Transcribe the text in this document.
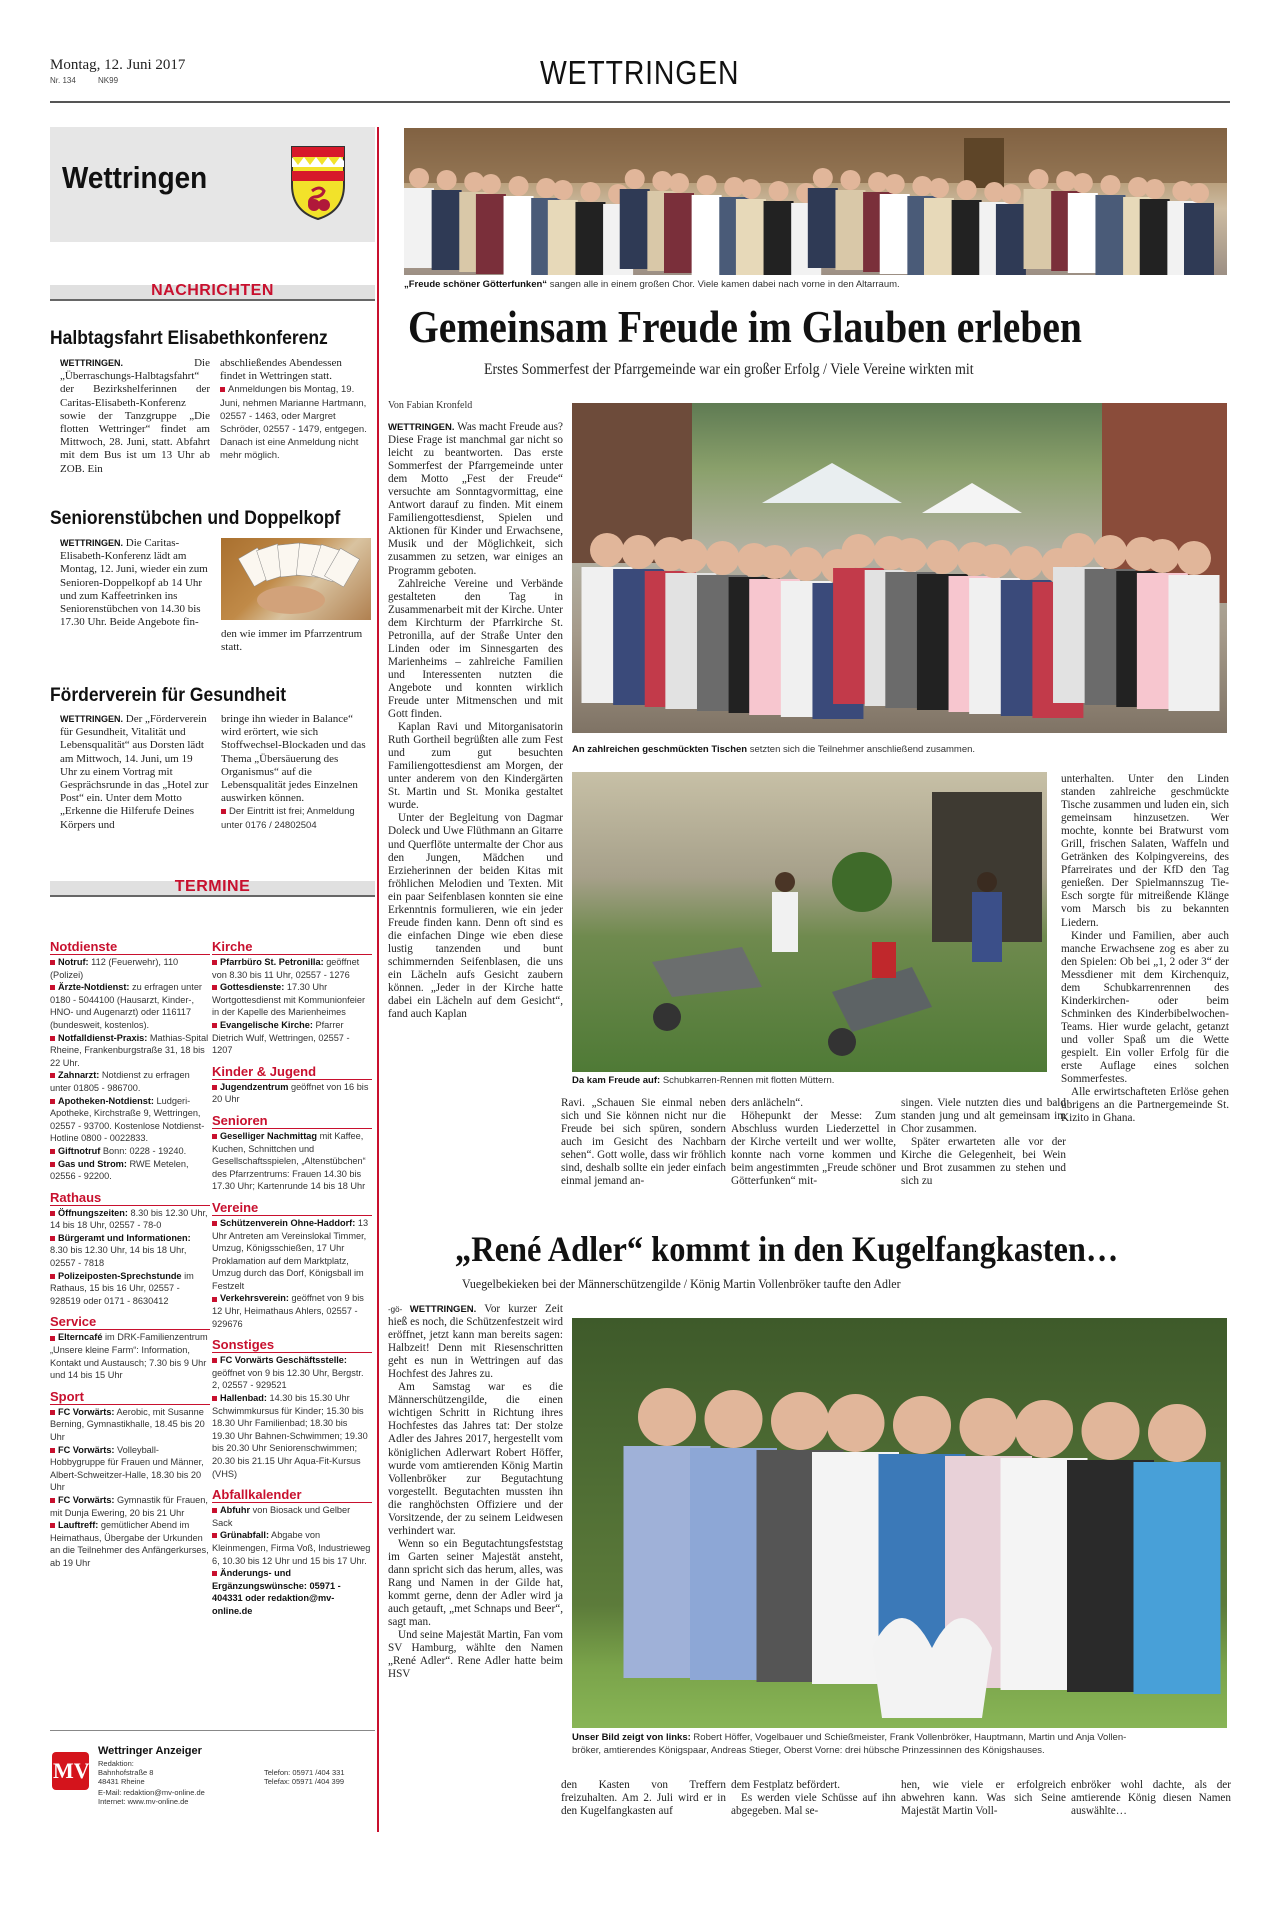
Montag, 12. Juni 2017
Nr. 134	NK99	WETTRINGEN
Wettringen
NACHRICHTEN
Halbtagsfahrt Elisabethkonferenz
WETTRINGEN.	Die „Überraschungs-Halbtagsfahrt“ der Bezirkshelferinnen der Caritas-Elisabeth-Konferenz sowie der Tanzgruppe „Die flotten Wettringer“ findet am Mittwoch, 28. Juni, statt. Abfahrt mit dem Bus ist um 13 Uhr ab ZOB. Ein
abschließendes Abendessen findet in Wettringen statt.
Anmeldungen bis Montag, 19. Juni, nehmen Marianne Hartmann, 02557 - 1463, oder Margret Schröder, 02557 - 1479, entgegen. Danach ist eine Anmeldung nicht mehr möglich.
Seniorenstübchen und Doppelkopf
WETTRINGEN. Die Caritas-Elisabeth-Konferenz lädt am Montag, 12. Juni, wieder ein zum Senioren-Doppelkopf ab 14 Uhr und zum Kaffeetrinken ins Seniorenstübchen von 14.30 bis 17.30 Uhr. Beide Angebote fin-
den wie immer im Pfarrzentrum statt.
Förderverein für Gesundheit
WETTRINGEN. Der „Förderverein für Gesundheit, Vitalität und Lebensqualität“ aus Dorsten lädt am Mittwoch, 14. Juni, um 19 Uhr zu einem Vortrag mit Gesprächsrunde in das „Hotel zur Post“ ein. Unter dem Motto „Erkenne die Hilferufe Deines Körpers und
bringe ihn wieder in Balance“ wird erörtert, wie sich Stoffwechsel-Blockaden und das Thema „Übersäuerung des Organismus“ auf die Lebensqualität jedes Einzelnen auswirken können.
Der Eintritt ist frei; Anmeldung unter 0176 / 24802504
TERMINE
Notdienste
Notruf: 112 (Feuerwehr), 110 (Polizei)
Ärzte-Notdienst: zu erfragen unter 0180 - 5044100 (Hausarzt, Kinder-, HNO- und Augenarzt) oder 116117 (bundesweit, kostenlos).
Notfalldienst-Praxis: Mathias-Spital Rheine, Frankenburgstraße 31, 18 bis 22 Uhr.
Zahnarzt: Notdienst zu erfragen unter 01805 - 986700.
Apotheken-Notdienst: Ludgeri-Apotheke, Kirchstraße 9, Wettringen, 02557 - 93700. Kostenlose Notdienst-Hotline 0800 - 0022833.
Giftnotruf Bonn: 0228 - 19240.
Gas und Strom: RWE Metelen, 02556 - 92200.
Rathaus
Öffnungszeiten: 8.30 bis 12.30 Uhr, 14 bis 18 Uhr, 02557 - 78-0
Bürgeramt und Informationen: 8.30 bis 12.30 Uhr, 14 bis 18 Uhr, 02557 - 7818
Polizeiposten-Sprechstunde im Rathaus, 15 bis 16 Uhr, 02557 - 928519 oder 0171 - 8630412
Service
Elterncafé im DRK-Familienzentrum „Unsere kleine Farm“: Information, Kontakt und Austausch; 7.30 bis 9 Uhr und 14 bis 15 Uhr
Sport
FC Vorwärts: Aerobic, mit Susanne Berning, Gymnastikhalle, 18.45 bis 20 Uhr
FC Vorwärts: Volleyball-Hobbygruppe für Frauen und Männer, Albert-Schweitzer-Halle, 18.30 bis 20 Uhr
FC Vorwärts: Gymnastik für Frauen, mit Dunja Ewering, 20 bis 21 Uhr
Lauftreff: gemütlicher Abend im Heimathaus, Übergabe der Urkunden an die Teilnehmer des Anfängerkurses, ab 19 Uhr
Kirche
Pfarrbüro St. Petronilla: geöffnet von 8.30 bis 11 Uhr, 02557 - 1276
Gottesdienste: 17.30 Uhr Wortgottesdienst mit Kommunionfeier in der Kapelle des Marienheimes
Evangelische Kirche: Pfarrer Dietrich Wulf, Wettringen, 02557 - 1207
Kinder & Jugend
Jugendzentrum geöffnet von 16 bis 20 Uhr
Senioren
Geselliger Nachmittag mit Kaffee, Kuchen, Schnittchen und Gesellschaftsspielen, „Altenstübchen“ des Pfarrzentrums: Frauen 14.30 bis 17.30 Uhr; Kartenrunde 14 bis 18 Uhr
Vereine
Schützenverein Ohne-Haddorf: 13 Uhr Antreten am Vereinslokal Timmer, Umzug, Königsschießen, 17 Uhr Proklamation auf dem Marktplatz, Umzug durch das Dorf, Königsball im Festzelt
Verkehrsverein: geöffnet von 9 bis 12 Uhr, Heimathaus Ahlers, 02557 - 929676
Sonstiges
FC Vorwärts Geschäftsstelle: geöffnet von 9 bis 12.30 Uhr, Bergstr. 2, 02557 - 929521
Hallenbad: 14.30 bis 15.30 Uhr Schwimmkursus für Kinder; 15.30 bis 18.30 Uhr Familienbad; 18.30 bis 19.30 Uhr Bahnen-Schwimmen; 19.30 bis 20.30 Uhr Seniorenschwimmen; 20.30 bis 21.15 Uhr Aqua-Fit-Kursus (VHS)
Abfallkalender
Abfuhr von Biosack und Gelber Sack
Grünabfall: Abgabe von Kleinmengen, Firma Voß, Industrieweg 6, 10.30 bis 12 Uhr und 15 bis 17 Uhr.
Änderungs- und Ergänzungswünsche: 05971 - 404331 oder redaktion@mv-online.de
MV
Wettringer Anzeiger
Redaktion:
Bahnhofstraße 8
48431 Rheine
Telefon: 05971 /404 331
Telefax: 05971 /404 399
E-Mail: redaktion@mv-online.de
Internet: www.mv-online.de
„Freude schöner Götterfunken“ sangen alle in einem großen Chor. Viele kamen dabei nach vorne in den Altarraum.
Gemeinsam Freude im Glauben erleben
Erstes Sommerfest der Pfarrgemeinde war ein großer Erfolg / Viele Vereine wirkten mit
Von Fabian Kronfeld

WETTRINGEN. Was macht Freude aus? Diese Frage ist manchmal gar nicht so leicht zu beantworten. Das erste Sommerfest der Pfarrgemeinde unter dem Motto „Fest der Freude“ versuchte am Sonntagvormittag, eine Antwort darauf zu finden. Mit einem Familiengottesdienst, Spielen und Aktionen für Kinder und Erwachsene, Musik und der Möglichkeit, sich zusammen zu setzen, war einiges an Programm geboten.

Zahlreiche Vereine und Verbände gestalteten den Tag in Zusammenarbeit mit der Kirche. Unter dem Kirchturm der Pfarrkirche St. Petronilla, auf der Straße Unter den Linden oder im Sinnesgarten des Marienheims – zahlreiche Familien und Interessenten nutzten die Angebote und konnten wirklich Freude unter Mitmenschen und mit Gott finden.

Kaplan Ravi und Mitorganisatorin Ruth Gortheil begrüßten alle zum Fest und zum gut besuchten Familiengottesdienst am Morgen, der unter anderem von den Kindergärten St. Martin und St. Monika gestaltet wurde.

Unter der Begleitung von Dagmar Doleck und Uwe Flüthmann an Gitarre und Querflöte untermalte der Chor aus den Jungen, Mädchen und Erzieherinnen der beiden Kitas mit fröhlichen Melodien und Texten. Mit ein paar Seifenblasen konnten sie eine Erkenntnis formulieren, wie ein jeder Freude finden kann. Denn oft sind es die einfachen Dinge wie eben diese lustig tanzenden und bunt schimmernden Seifenblasen, die uns ein Lächeln aufs Gesicht zaubern können. „Jeder in der Kirche hatte dabei ein Lächeln auf dem Gesicht“, fand auch Kaplan

An zahlreichen geschmückten Tischen setzten sich die Teilnehmer anschließend zusammen.
Da kam Freude auf: Schubkarren-Rennen mit flotten Müttern.

Ravi. „Schauen Sie einmal neben sich und Sie können nicht nur die Freude bei sich spüren, sondern auch im Gesicht des Nachbarn sehen“. Gott wolle, dass wir fröhlich sind, deshalb sollte ein jeder einfach einmal jemand an-

ders anlächeln“.

Höhepunkt der Messe: Zum Abschluss wurden Liederzettel in der Kirche verteilt und wer wollte, konnte nach vorne kommen und beim angestimmten „Freude schöner Götterfunken“ mit-

singen. Viele nutzten dies und bald standen jung und alt gemeinsam im Chor zusammen.

Später erwarteten alle vor der Kirche die Gelegenheit, bei Wein und Brot zusammen zu stehen und sich zu

unterhalten. Unter den Linden standen zahlreiche geschmückte Tische zusammen und luden ein, sich gemeinsam hinzusetzen. Wer mochte, konnte bei Bratwurst vom Grill, frischen Salaten, Waffeln und Getränken des Kolpingvereins, des Pfarreirates und der KfD den Tag genießen. Der Spielmannszug Tie-Esch sorgte für mitreißende Klänge vom Marsch bis zu bekannten Liedern.

Kinder und Familien, aber auch manche Erwachsene zog es aber zu den Spielen: Ob bei „1, 2 oder 3“ der Messdiener mit dem Kirchenquiz, dem Schubkarrenrennen des Kinderkirchen- oder beim Schminken des Kinderbibelwochen-Teams. Hier wurde gelacht, getanzt und voller Spaß um die Wette gespielt. Ein voller Erfolg für die erste Auflage eines solchen Sommerfestes.

Alle erwirtschafteten Erlöse gehen übrigens an die Partnergemeinde St. Kizito in Ghana.

„René Adler“ kommt in den Kugelfangkasten…
Vuegelbekieken bei der Männerschützengilde / König Martin Vollenbröker taufte den Adler

-gö- WETTRINGEN. Vor kurzer Zeit hieß es noch, die Schützenfestzeit wird eröffnet, jetzt kann man bereits sagen: Halbzeit! Denn mit Riesenschritten geht es nun in Wettringen auf das Hochfest des Jahres zu.

Am Samstag war es die Männerschützengilde, die einen wichtigen Schritt in Richtung ihres Hochfestes das Jahres tat: Der stolze Adler des Jahres 2017, hergestellt vom königlichen Adlerwart Robert Höffer, wurde vom amtierenden König Martin Vollenbröker zur Begutachtung vorgestellt. Begutachten mussten ihn die ranghöchsten Offiziere und der Vorsitzende, der zu seinem Leidwesen verhindert war.

Wenn so ein Begutachtungsfeststag im Garten seiner Majestät ansteht, dann spricht sich das herum, alles, was Rang und Namen in der Gilde hat, kommt gerne, denn der Adler wird ja auch getauft, „met Schnaps und Beer“, sagt man.

Und seine Majestät Martin, Fan vom SV Hamburg, wählte den Namen „René Adler“. Rene Adler hatte beim HSV

Unser Bild zeigt von links: Robert Höffer, Vogelbauer und Schießmeister, Frank Vollenbröker, Hauptmann, Martin und Anja Vollen-
bröker, amtierendes Königspaar, Andreas Stieger, Oberst Vorne: drei hübsche Prinzessinnen des Königshauses.

den Kasten von Treffern freizuhalten. Am 2. Juli wird er in den Kugelfangkasten auf

dem Festplatz befördert.

Es werden viele Schüsse auf ihn abgegeben. Mal se-

hen, wie viele er erfolgreich abwehren kann. Was sich Seine Majestät Martin Voll-

enbröker wohl dachte, als der amtierende König diesen Namen auswählte…
